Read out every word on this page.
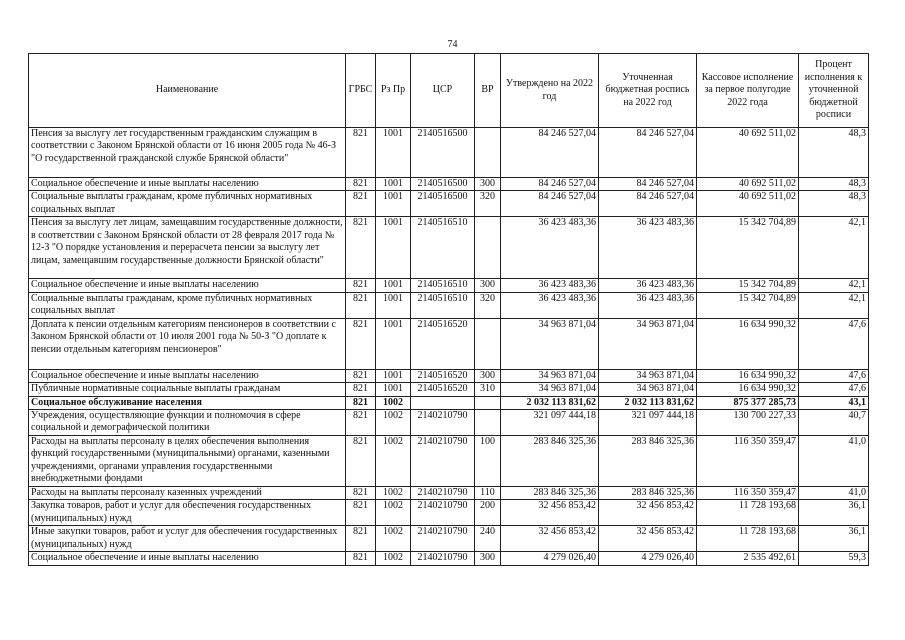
74
Наименование	ГРБС	Рз Пр	ЦСР	ВР	Утверждено на 2022 год	Уточненная бюджетная роспись на 2022 год	Кассовое исполнение за первое полугодие 2022 года	Процент исполнения к уточненной бюджетной росписи
Пенсия за выслугу лет государственным гражданским служащим в соответствии с Законом Брянской области от 16 июня 2005 года № 46-З "О государственной гражданской службе Брянской области"	821	1001	2140516500		84 246 527,04	84 246 527,04	40 692 511,02	48,3
Социальное обеспечение и иные выплаты населению	821	1001	2140516500	300	84 246 527,04	84 246 527,04	40 692 511,02	48,3
Социальные выплаты гражданам, кроме публичных нормативных социальных выплат	821	1001	2140516500	320	84 246 527,04	84 246 527,04	40 692 511,02	48,3
Пенсия за выслугу лет лицам, замещавшим государственные должности, в соответствии с Законом Брянской области от 28 февраля 2017 года № 12-З "О порядке установления и перерасчета пенсии за выслугу лет лицам, замещавшим государственные должности Брянской области"	821	1001	2140516510		36 423 483,36	36 423 483,36	15 342 704,89	42,1
Социальное обеспечение и иные выплаты населению	821	1001	2140516510	300	36 423 483,36	36 423 483,36	15 342 704,89	42,1
Социальные выплаты гражданам, кроме публичных нормативных социальных выплат	821	1001	2140516510	320	36 423 483,36	36 423 483,36	15 342 704,89	42,1
Доплата к пенсии отдельным категориям пенсионеров в соответствии с Законом Брянской области от 10 июля 2001 года № 50-З "О доплате к пенсии отдельным категориям пенсионеров"	821	1001	2140516520		34 963 871,04	34 963 871,04	16 634 990,32	47,6
Социальное обеспечение и иные выплаты населению	821	1001	2140516520	300	34 963 871,04	34 963 871,04	16 634 990,32	47,6
Публичные нормативные социальные выплаты гражданам	821	1001	2140516520	310	34 963 871,04	34 963 871,04	16 634 990,32	47,6
Социальное обслуживание населения	821	1002			2 032 113 831,62	2 032 113 831,62	875 377 285,73	43,1
Учреждения, осуществляющие функции и полномочия в сфере социальной и демографической политики	821	1002	2140210790		321 097 444,18	321 097 444,18	130 700 227,33	40,7
Расходы на выплаты персоналу в целях обеспечения выполнения функций государственными (муниципальными) органами, казенными учреждениями, органами управления государственными внебюджетными фондами	821	1002	2140210790	100	283 846 325,36	283 846 325,36	116 350 359,47	41,0
Расходы на выплаты персоналу казенных учреждений	821	1002	2140210790	110	283 846 325,36	283 846 325,36	116 350 359,47	41,0
Закупка товаров, работ и услуг для обеспечения государственных (муниципальных) нужд	821	1002	2140210790	200	32 456 853,42	32 456 853,42	11 728 193,68	36,1
Иные закупки товаров, работ и услуг для обеспечения государственных (муниципальных) нужд	821	1002	2140210790	240	32 456 853,42	32 456 853,42	11 728 193,68	36,1
Социальное обеспечение и иные выплаты населению	821	1002	2140210790	300	4 279 026,40	4 279 026,40	2 535 492,61	59,3
